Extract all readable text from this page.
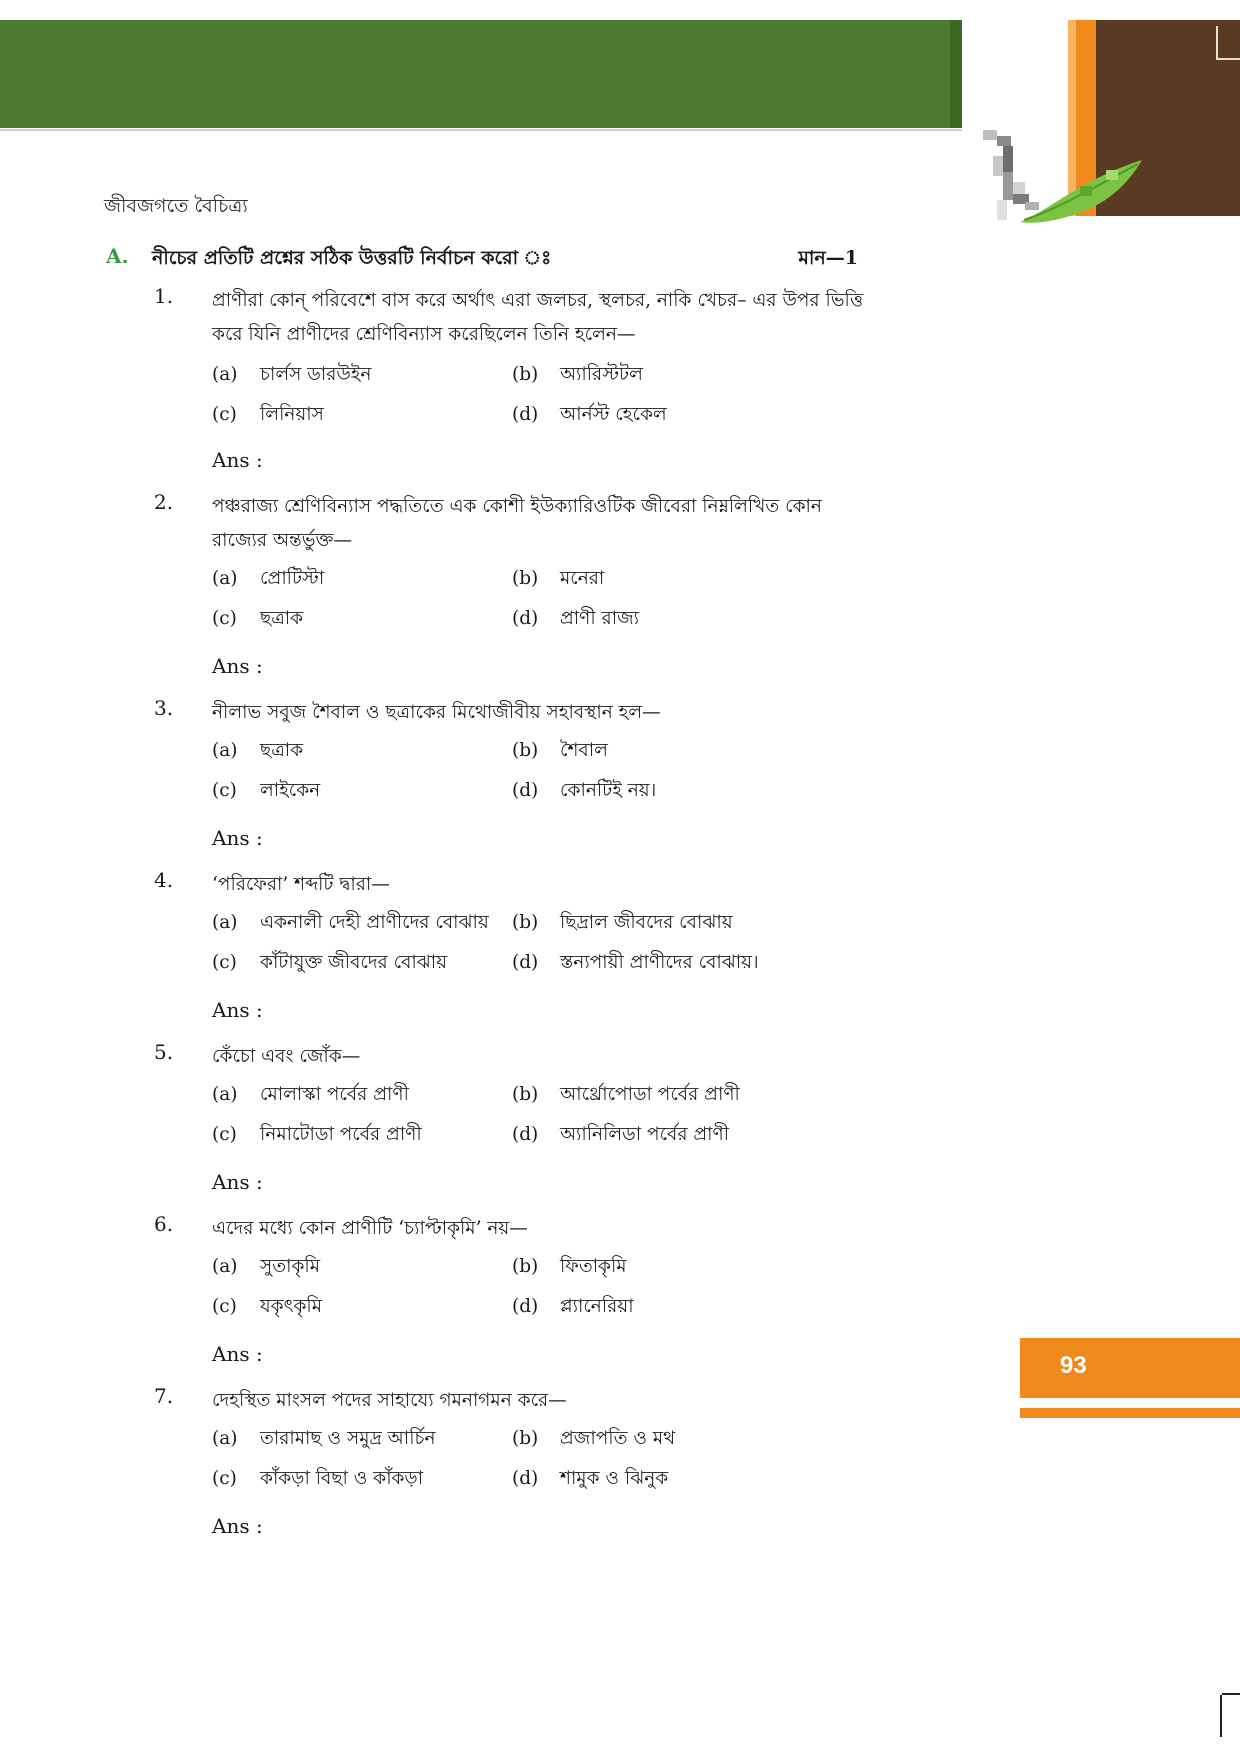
জীবজগতে বৈচিত্র্য
A. নীচের প্রতিটি প্রশ্নের সঠিক উত্তরটি নির্বাচন করো ঃ	মান—1
1. প্রাণীরা কোন্ পরিবেশে বাস করে অর্থাৎ এরা জলচর, স্থলচর, নাকি খেচর– এর উপর ভিত্তি করে যিনি প্রাণীদের শ্রেণিবিন্যাস করেছিলেন তিনি হলেন—
(a) চার্লস ডারউইন	(b) অ্যারিস্টটল
(c) লিনিয়াস	(d) আর্নস্ট হেকেল
Ans :
2. পঞ্চরাজ্য শ্রেণিবিন্যাস পদ্ধতিতে এক কোশী ইউক্যারিওটিক জীবেরা নিম্নলিখিত কোন রাজ্যের অন্তর্ভুক্ত—
(a) প্রোটিস্টা	(b) মনেরা
(c) ছত্রাক	(d) প্রাণী রাজ্য
Ans :
3. নীলাভ সবুজ শৈবাল ও ছত্রাকের মিথোজীবীয় সহাবস্থান হল—
(a) ছত্রাক	(b) শৈবাল
(c) লাইকেন	(d) কোনটিই নয়।
Ans :
4. ‘পরিফেরা’ শব্দটি দ্বারা—
(a) একনালী দেহী প্রাণীদের বোঝায় (b) ছিদ্রাল জীবদের বোঝায়
(c) কাঁটাযুক্ত জীবদের বোঝায়	(d) স্তন্যপায়ী প্রাণীদের বোঝায়।
Ans :
5. কেঁচো এবং জোঁক—
(a) মোলাস্কা পর্বের প্রাণী	(b) আর্থ্রোপোডা পর্বের প্রাণী
(c) নিমাটোডা পর্বের প্রাণী	(d) অ্যানিলিডা পর্বের প্রাণী
Ans :
6. এদের মধ্যে কোন প্রাণীটি ‘চ্যাপ্টাকৃমি’ নয়—
(a) সুতাকৃমি	(b) ফিতাকৃমি
(c) যকৃৎকৃমি	(d) প্ল্যানেরিয়া
Ans :
7. দেহস্থিত মাংসল পদের সাহায্যে গমনাগমন করে—
(a) তারামাছ ও সমুদ্র আর্চিন	(b) প্রজাপতি ও মথ
(c) কাঁকড়া বিছা ও কাঁকড়া	(d) শামুক ও ঝিনুক
Ans :
93
